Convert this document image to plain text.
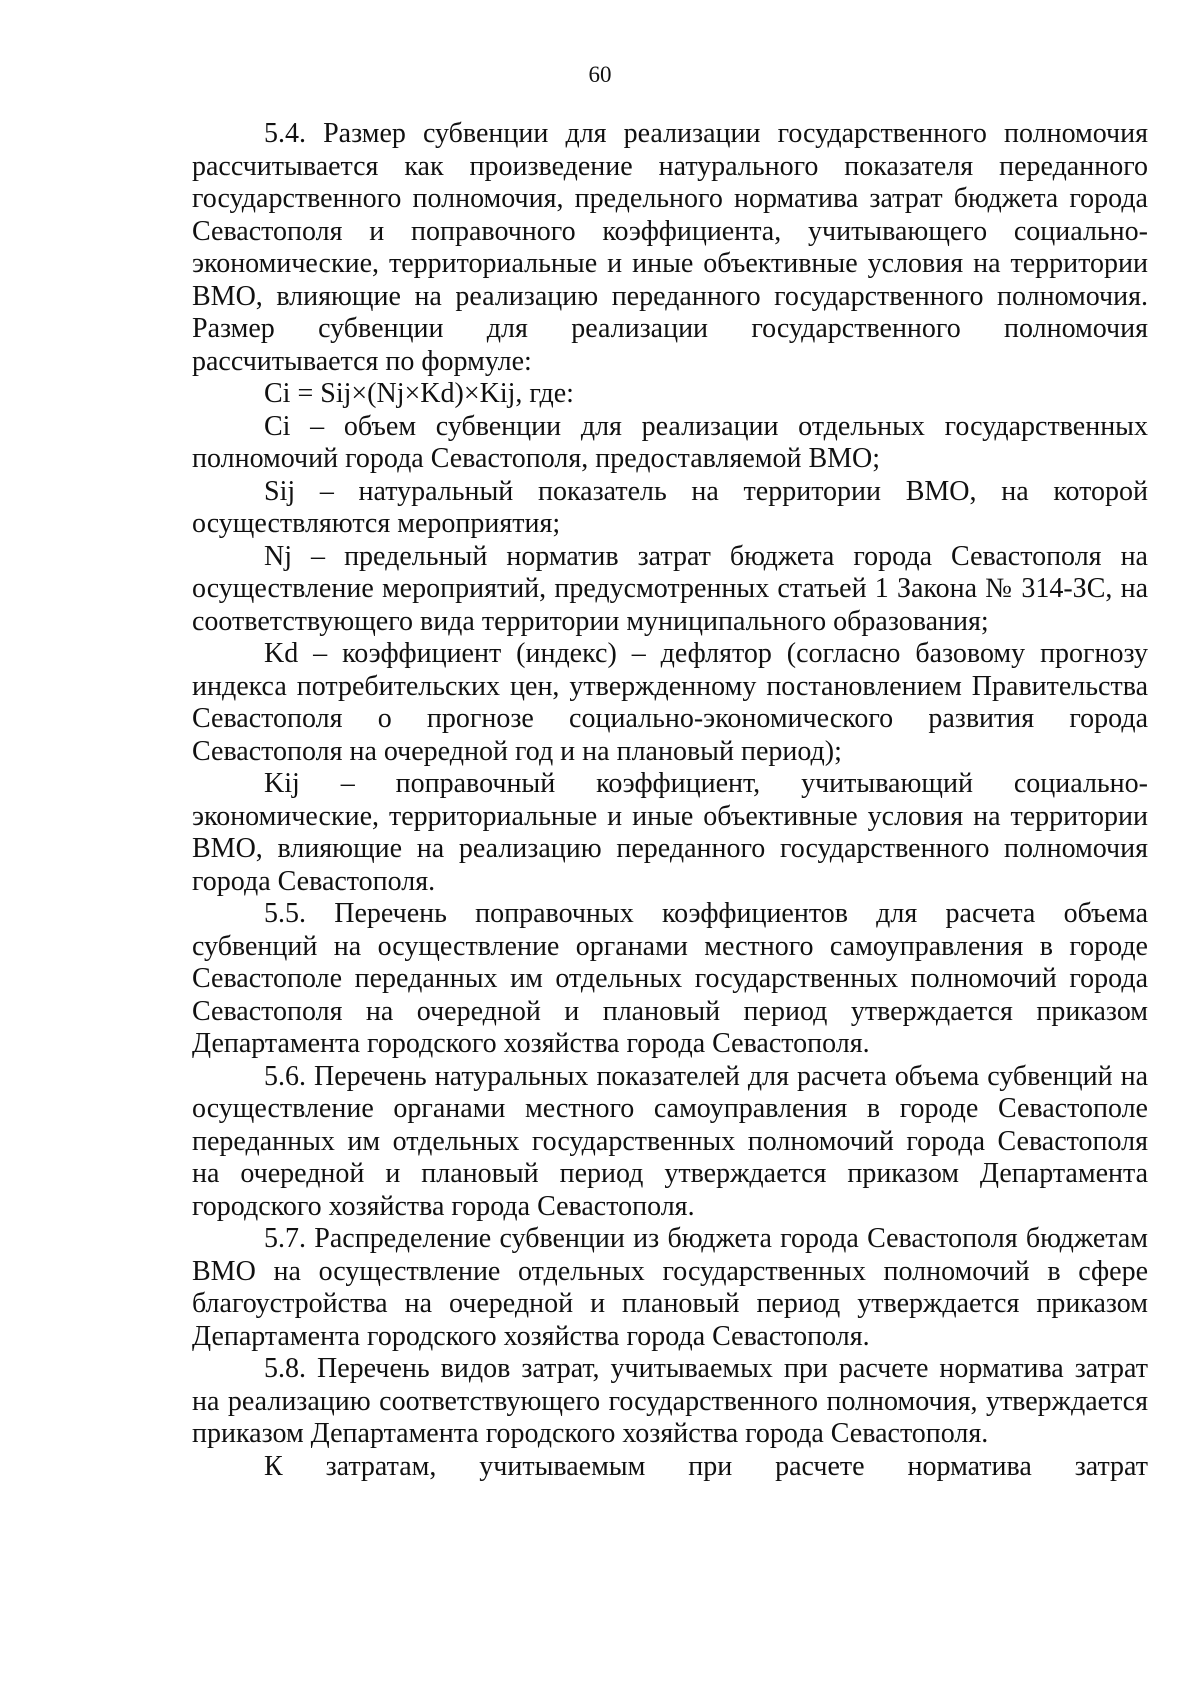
60

5.4. Размер субвенции для реализации государственного полномочия рассчитывается как произведение натурального показателя переданного государственного полномочия, предельного норматива затрат бюджета города Севастополя и поправочного коэффициента, учитывающего социально-экономические, территориальные и иные объективные условия на территории ВМО, влияющие на реализацию переданного государственного полномочия. Размер субвенции для реализации государственного полномочия рассчитывается по формуле:

Ci = Sij×(Nj×Kd)×Kij, где:

Ci – объем субвенции для реализации отдельных государственных полномочий города Севастополя, предоставляемой ВМО;

Sij – натуральный показатель на территории ВМО, на которой осуществляются мероприятия;

Nj – предельный норматив затрат бюджета города Севастополя на осуществление мероприятий, предусмотренных статьей 1 Закона № 314-ЗС, на соответствующего вида территории муниципального образования;

Kd – коэффициент (индекс) – дефлятор (согласно базовому прогнозу индекса потребительских цен, утвержденному постановлением Правительства Севастополя о прогнозе социально-экономического развития города Севастополя на очередной год и на плановый период);

Kij – поправочный коэффициент, учитывающий социально-экономические, территориальные и иные объективные условия на территории ВМО, влияющие на реализацию переданного государственного полномочия города Севастополя.

5.5. Перечень поправочных коэффициентов для расчета объема субвенций на осуществление органами местного самоуправления в городе Севастополе переданных им отдельных государственных полномочий города Севастополя на очередной и плановый период утверждается приказом Департамента городского хозяйства города Севастополя.

5.6. Перечень натуральных показателей для расчета объема субвенций на осуществление органами местного самоуправления в городе Севастополе переданных им отдельных государственных полномочий города Севастополя на очередной и плановый период утверждается приказом Департамента городского хозяйства города Севастополя.

5.7. Распределение субвенции из бюджета города Севастополя бюджетам ВМО на осуществление отдельных государственных полномочий в сфере благоустройства на очередной и плановый период утверждается приказом Департамента городского хозяйства города Севастополя.

5.8. Перечень видов затрат, учитываемых при расчете норматива затрат на реализацию соответствующего государственного полномочия, утверждается приказом Департамента городского хозяйства города Севастополя.

К затратам, учитываемым при расчете норматива затрат
